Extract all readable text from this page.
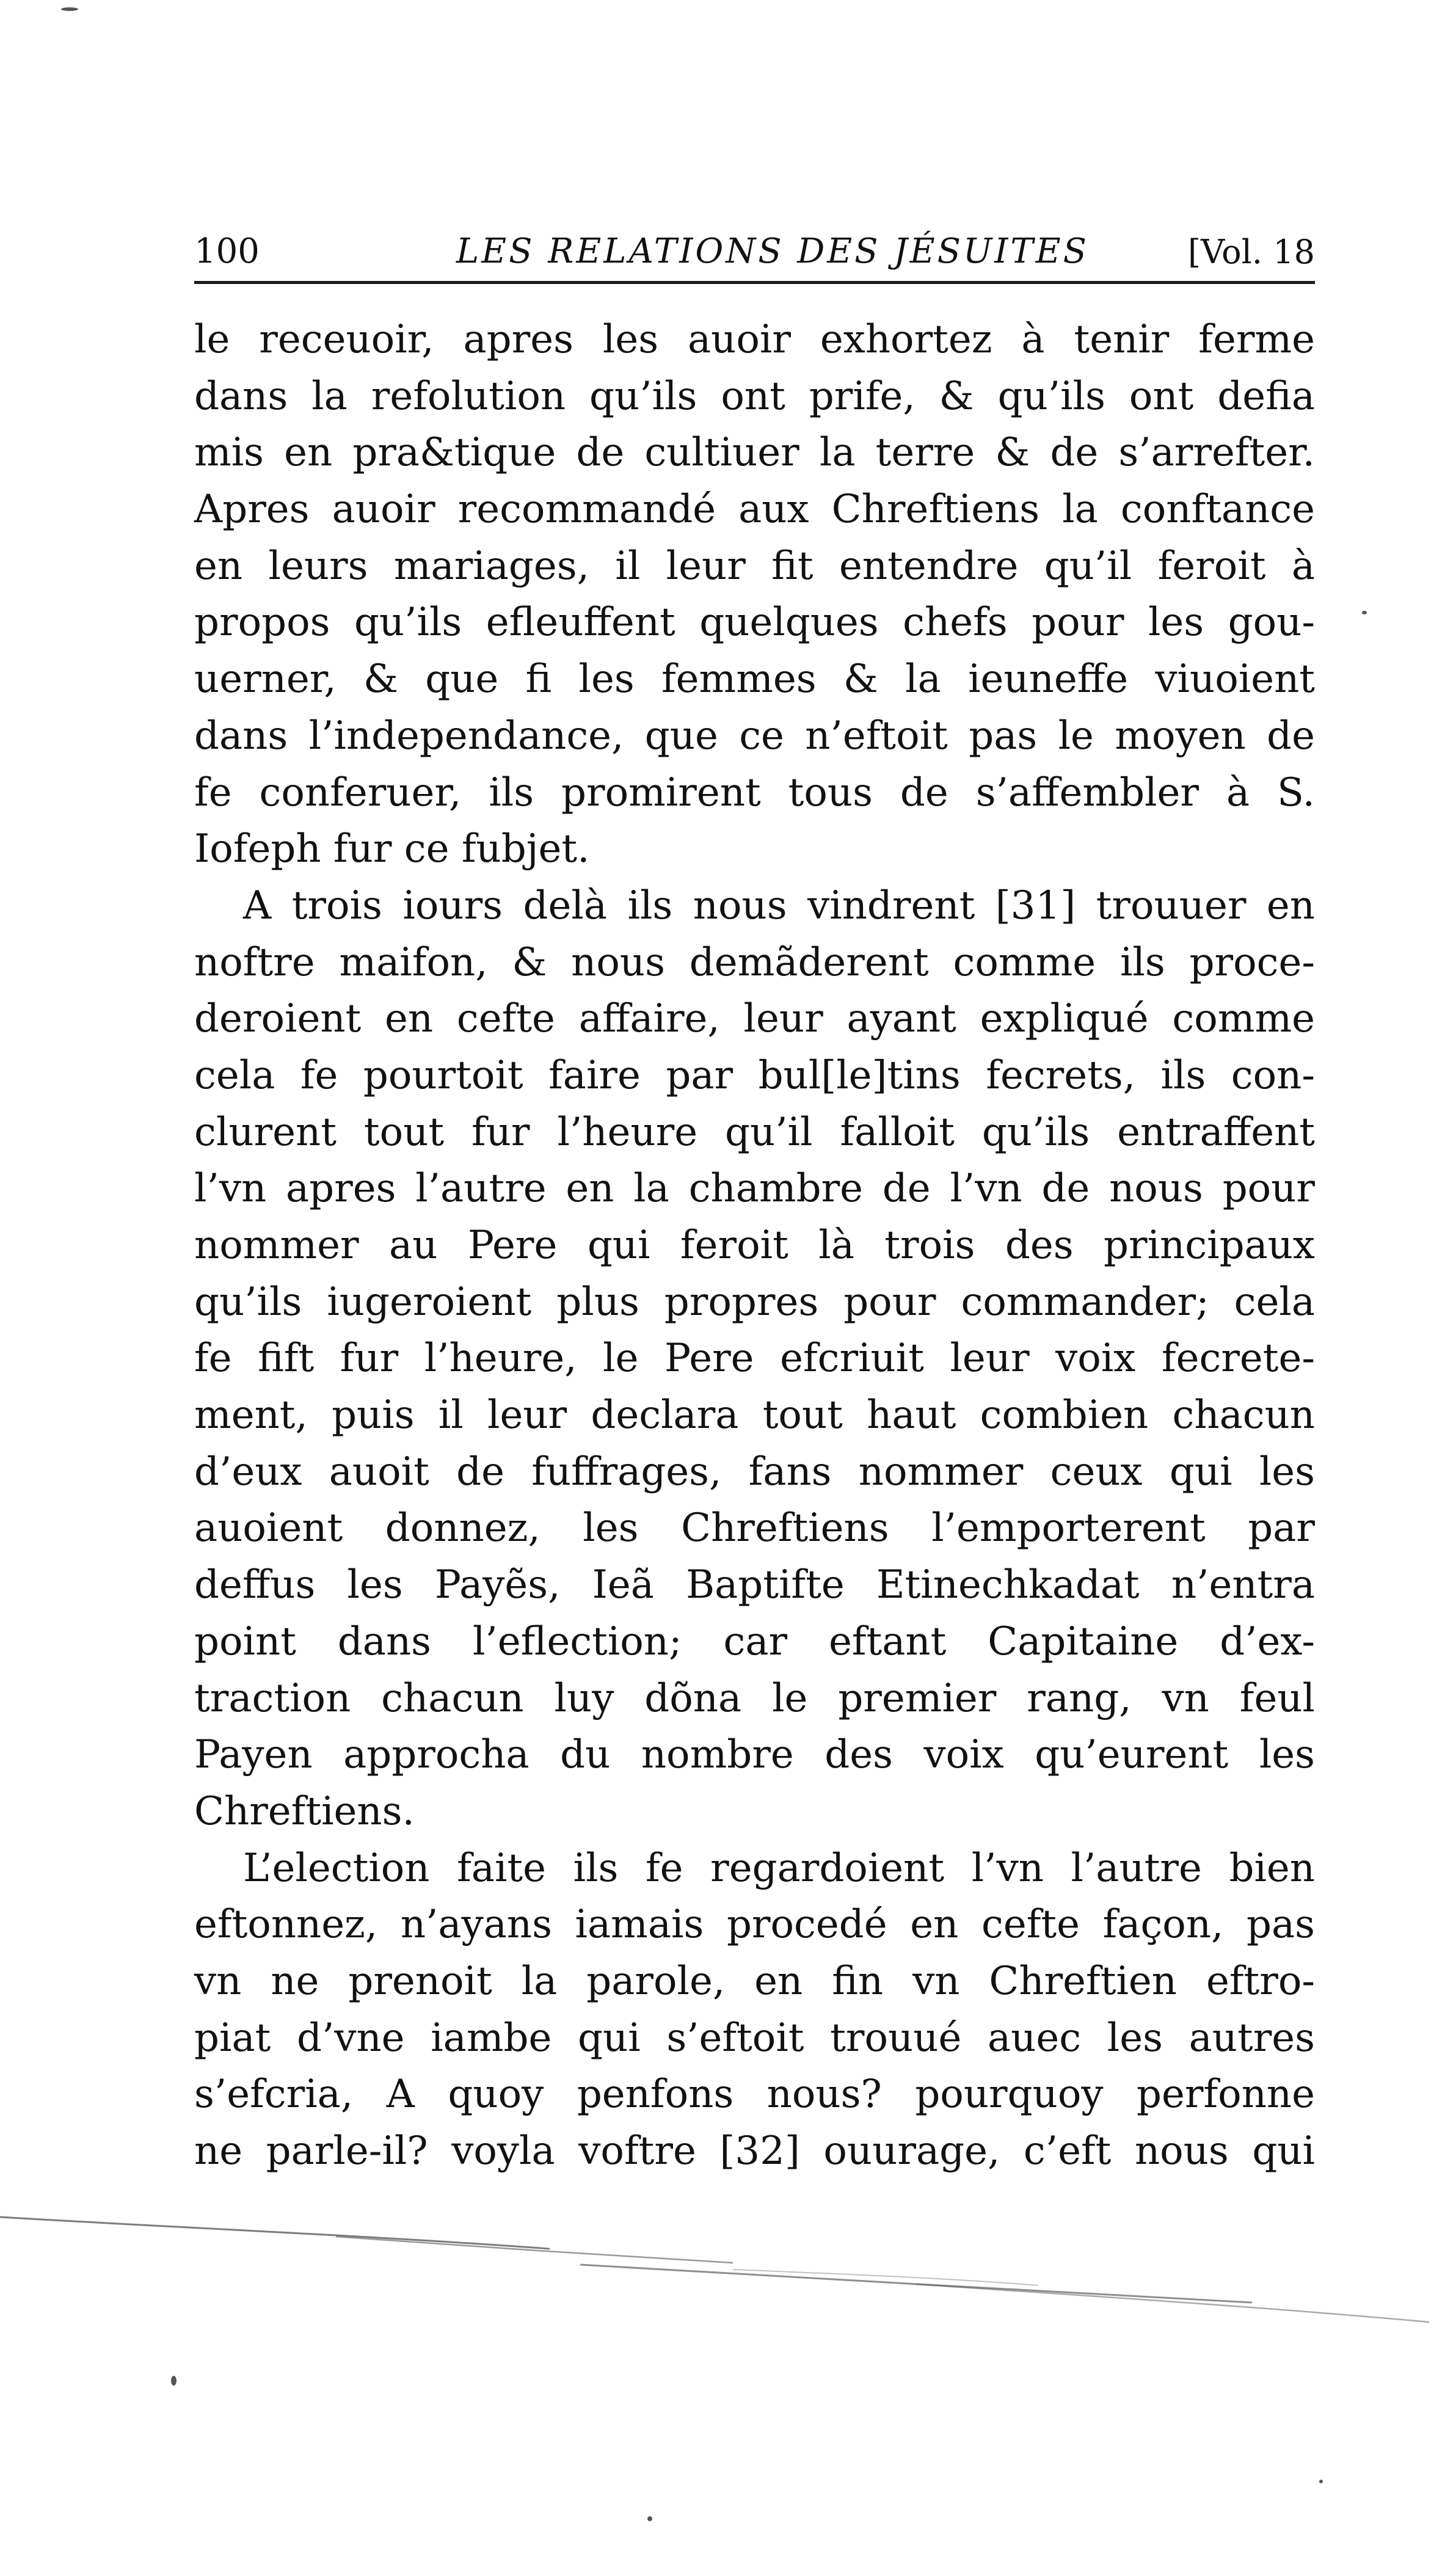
100	LES RELATIONS DES JÉSUITES	[Vol. 18
le receuoir, apres les auoir exhortez à tenir ferme
dans la refolution qu’ils ont prife, & qu’ils ont defia
mis en pra&tique de cultiuer la terre & de s’arrefter.
Apres auoir recommandé aux Chreftiens la conftance
en leurs mariages, il leur fit entendre qu’il feroit à
propos qu’ils efleuffent quelques chefs pour les gou-
uerner, & que fi les femmes & la ieuneffe viuoient
dans l’independance, que ce n’eftoit pas le moyen de
fe conferuer, ils promirent tous de s’affembler à S.
Iofeph fur ce fubjet.
A trois iours delà ils nous vindrent [31] trouuer en
noftre maifon, & nous demãderent comme ils proce-
deroient en cefte affaire, leur ayant expliqué comme
cela fe pourtoit faire par bul[le]tins fecrets, ils con-
clurent tout fur l’heure qu’il falloit qu’ils entraffent
l’vn apres l’autre en la chambre de l’vn de nous pour
nommer au Pere qui feroit là trois des principaux
qu’ils iugeroient plus propres pour commander; cela
fe fift fur l’heure, le Pere efcriuit leur voix fecrete-
ment, puis il leur declara tout haut combien chacun
d’eux auoit de fuffrages, fans nommer ceux qui les
auoient donnez, les Chreftiens l’emporterent par
deffus les Payẽs, Ieã Baptifte Etinechkadat n’entra
point dans l’eflection; car eftant Capitaine d’ex-
traction chacun luy dõna le premier rang, vn feul
Payen approcha du nombre des voix qu’eurent les
Chreftiens.
L’election faite ils fe regardoient l’vn l’autre bien
eftonnez, n’ayans iamais procedé en cefte façon, pas
vn ne prenoit la parole, en fin vn Chreftien eftro-
piat d’vne iambe qui s’eftoit trouué auec les autres
s’efcria, A quoy penfons nous? pourquoy perfonne
ne parle-il? voyla voftre [32] ouurage, c’eft nous qui
